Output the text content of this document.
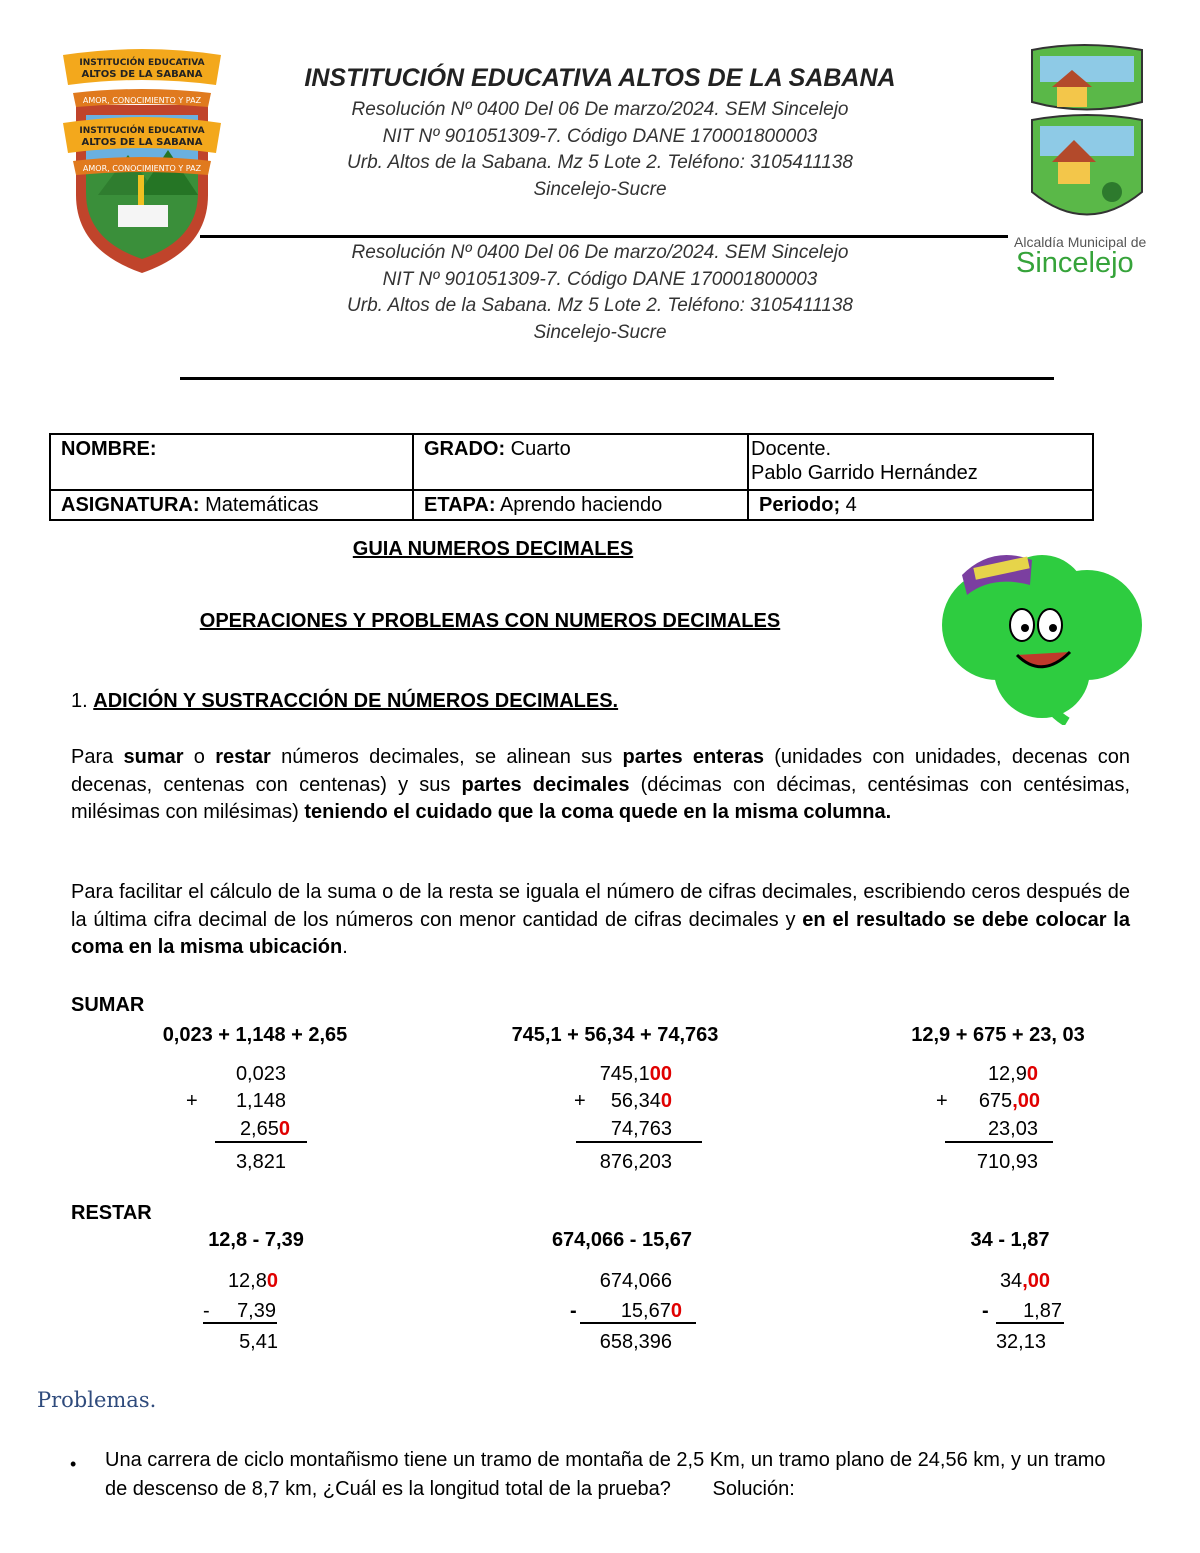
INSTITUCIÓN EDUCATIVA
ALTOS DE LA SABANA
INSTITUCIÓN EDUCATIVA
ALTOS DE LA SABANA
AMOR, CONOCIMIENTO Y PAZ
AMOR, CONOCIMIENTO Y PAZ
INSTITUCIÓN EDUCATIVA ALTOS DE LA SABANA
Resolución Nº 0400 Del 06 De marzo/2024. SEM Sincelejo
NIT Nº 901051309-7. Código DANE 170001800003
Urb. Altos de la Sabana. Mz 5 Lote 2. Teléfono: 3105411138
Sincelejo-Sucre
Resolución Nº 0400 Del 06 De marzo/2024. SEM Sincelejo
NIT Nº 901051309-7. Código DANE 170001800003
Urb. Altos de la Sabana. Mz 5 Lote 2. Teléfono: 3105411138
Sincelejo-Sucre
Alcaldía Municipal de
Sincelejo
NOMBRE:	GRADO: Cuarto	Docente.
Pablo Garrido Hernández

ASIGNATURA: Matemáticas	ETAPA: Aprendo haciendo	Periodo; 4
GUIA NUMEROS DECIMALES
OPERACIONES Y PROBLEMAS CON NUMEROS DECIMALES
1. ADICIÓN Y SUSTRACCIÓN DE NÚMEROS DECIMALES.
Para sumar o restar números decimales, se alinean sus partes enteras (unidades con unidades, decenas con decenas, centenas con centenas) y sus partes decimales (décimas con décimas, centésimas con centésimas, milésimas con milésimas) teniendo el cuidado que la coma quede en la misma columna.
Para facilitar el cálculo de la suma o de la resta se iguala el número de cifras decimales, escribiendo ceros después de la última cifra decimal de los números con menor cantidad de cifras decimales y en el resultado se debe colocar la coma en la misma ubicación.
SUMAR
0,023 + 1,148 + 2,65
0,023
+	1,148
2,650
3,821
745,1 + 56,34 + 74,763
745,100
+	56,340
74,763
876,203
12,9 + 675 + 23, 03
12,90
+	675,00
23,03
710,93
RESTAR
12,8 - 7,39
12,80
-	7,39
5,41
674,066 - 15,67
674,066
-	15,670
658,396
34 - 1,87
34,00
-	1,87
32,13
Problemas.
• Una carrera de ciclo montañismo tiene un tramo de montaña de 2,5 Km, un tramo plano de 24,56 km, y un tramo de descenso de 8,7 km, ¿Cuál es la longitud total de la prueba? Solución:
